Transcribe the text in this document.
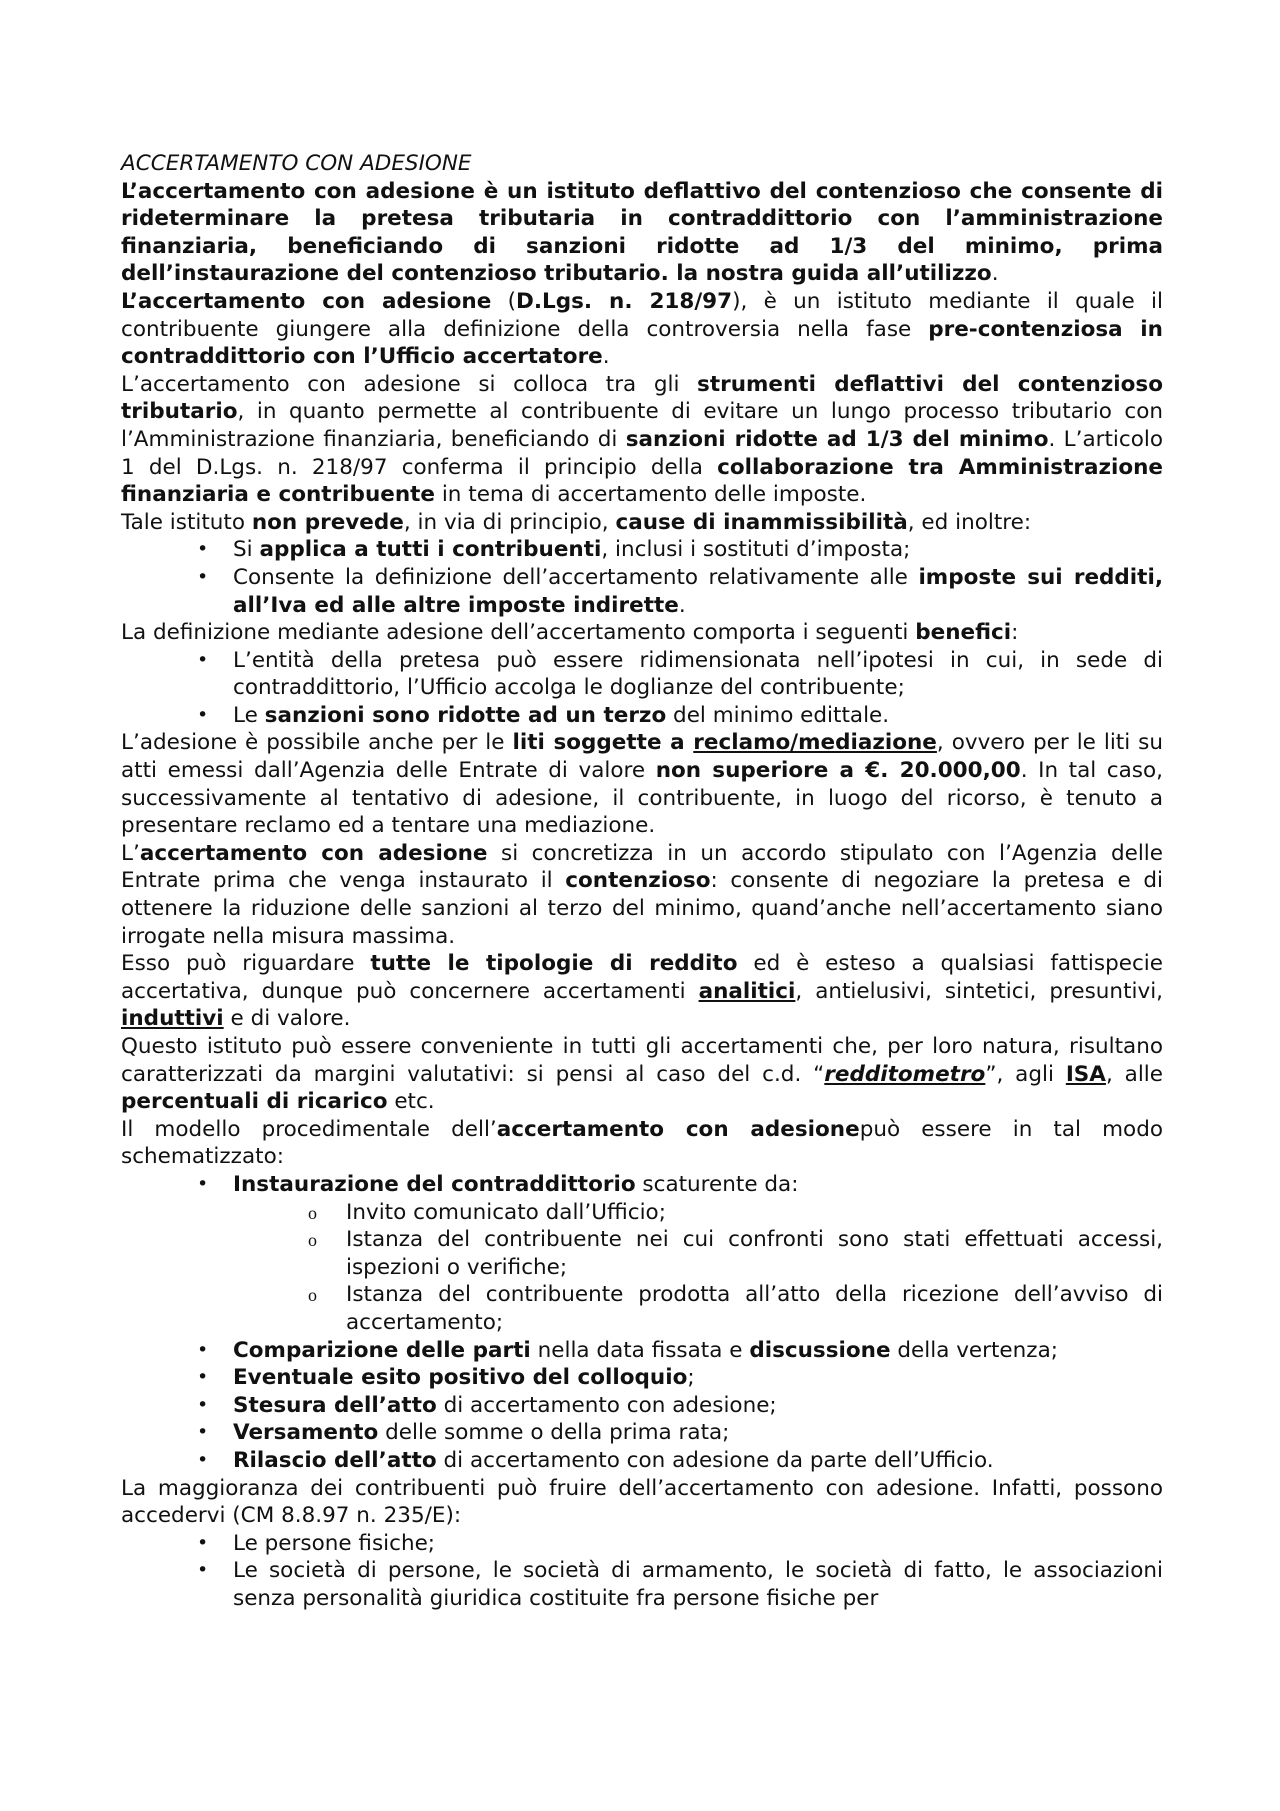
ACCERTAMENTO CON ADESIONE

L’accertamento con adesione è un istituto deflattivo del contenzioso che consente di rideterminare la pretesa tributaria in contraddittorio con l’amministrazione finanziaria, beneficiando di sanzioni ridotte ad 1/3 del minimo, prima dell’instaurazione del contenzioso tributario. la nostra guida all’utilizzo.

L’accertamento con adesione (D.Lgs. n. 218/97), è un istituto mediante il quale il contribuente giungere alla definizione della controversia nella fase pre-contenziosa in contraddittorio con l’Ufficio accertatore.

L’accertamento con adesione si colloca tra gli strumenti deflattivi del contenzioso tributario, in quanto permette al contribuente di evitare un lungo processo tributario con l’Amministrazione finanziaria, beneficiando di sanzioni ridotte ad 1/3 del minimo. L’articolo 1 del D.Lgs. n. 218/97 conferma il principio della collaborazione tra Amministrazione finanziaria e contribuente in tema di accertamento delle imposte.

Tale istituto non prevede, in via di principio, cause di inammissibilità, ed inoltre:

• Si applica a tutti i contribuenti, inclusi i sostituti d’imposta;
• Consente la definizione dell’accertamento relativamente alle imposte sui redditi, all’Iva ed alle altre imposte indirette.

La definizione mediante adesione dell’accertamento comporta i seguenti benefici:

• L’entità della pretesa può essere ridimensionata nell’ipotesi in cui, in sede di contraddittorio, l’Ufficio accolga le doglianze del contribuente;
• Le sanzioni sono ridotte ad un terzo del minimo edittale.

L’adesione è possibile anche per le liti soggette a reclamo/mediazione, ovvero per le liti su atti emessi dall’Agenzia delle Entrate di valore non superiore a €. 20.000,00. In tal caso, successivamente al tentativo di adesione, il contribuente, in luogo del ricorso, è tenuto a presentare reclamo ed a tentare una mediazione.

L’accertamento con adesione si concretizza in un accordo stipulato con l’Agenzia delle Entrate prima che venga instaurato il contenzioso: consente di negoziare la pretesa e di ottenere la riduzione delle sanzioni al terzo del minimo, quand’anche nell’accertamento siano irrogate nella misura massima.

Esso può riguardare tutte le tipologie di reddito ed è esteso a qualsiasi fattispecie accertativa, dunque può concernere accertamenti analitici, antielusivi, sintetici, presuntivi, induttivi e di valore.

Questo istituto può essere conveniente in tutti gli accertamenti che, per loro natura, risultano caratterizzati da margini valutativi: si pensi al caso del c.d. “redditometro”, agli ISA, alle percentuali di ricarico etc.

Il modello procedimentale dell’accertamento con adesionepuò essere in tal modo schematizzato:

• Instaurazione del contraddittorio scaturente da:
o Invito comunicato dall’Ufficio;
o Istanza del contribuente nei cui confronti sono stati effettuati accessi, ispezioni o verifiche;
o Istanza del contribuente prodotta all’atto della ricezione dell’avviso di accertamento;
• Comparizione delle parti nella data fissata e discussione della vertenza;
• Eventuale esito positivo del colloquio;
• Stesura dell’atto di accertamento con adesione;
• Versamento delle somme o della prima rata;
• Rilascio dell’atto di accertamento con adesione da parte dell’Ufficio.

La maggioranza dei contribuenti può fruire dell’accertamento con adesione. Infatti, possono accedervi (CM 8.8.97 n. 235/E):

• Le persone fisiche;
• Le società di persone, le società di armamento, le società di fatto, le associazioni senza personalità giuridica costituite fra persone fisiche per
